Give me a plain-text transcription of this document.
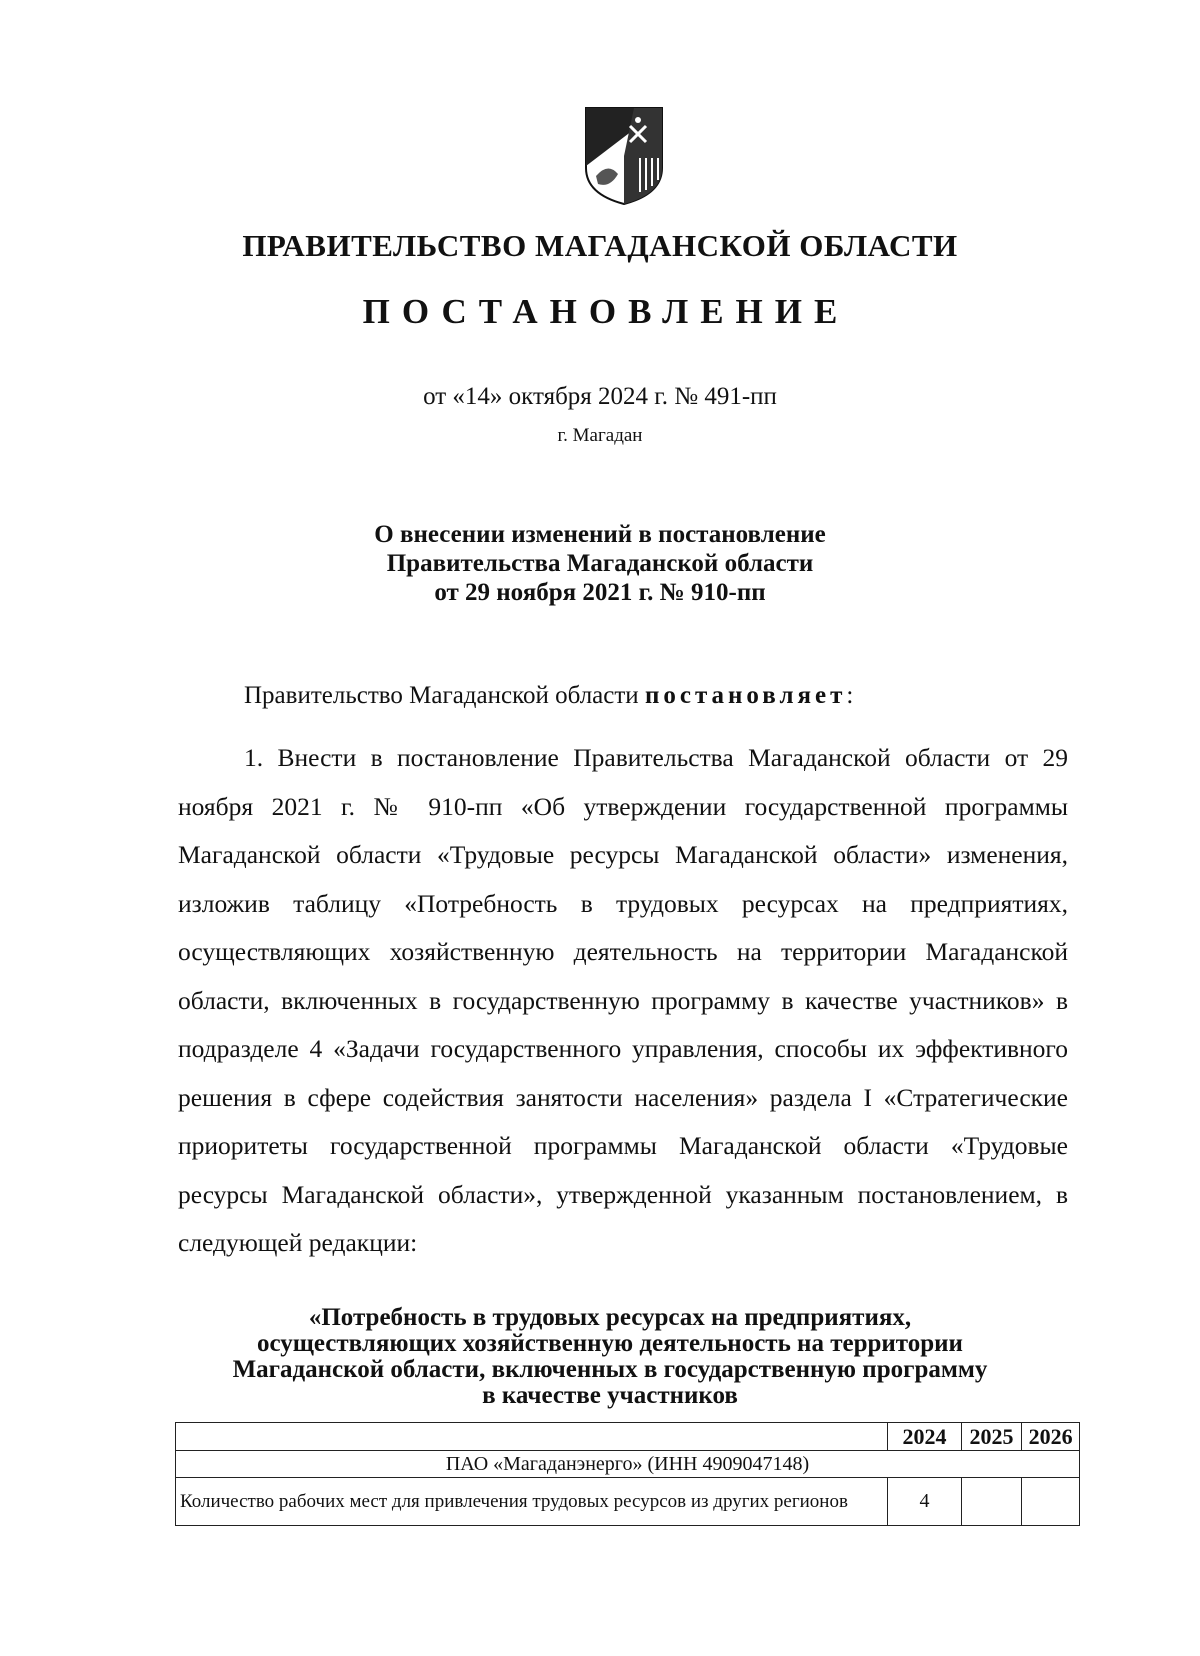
ПРАВИТЕЛЬСТВО МАГАДАНСКОЙ ОБЛАСТИ
ПОСТАНОВЛЕНИЕ
от «14» октября 2024 г. № 491-пп
г. Магадан
О внесении изменений в постановление
Правительства Магаданской области
от 29 ноября 2021 г. № 910-пп
Правительство Магаданской области постановляет:
1. Внести в постановление Правительства Магаданской области от 29 ноября 2021 г. № 910-пп «Об утверждении государственной программы Магаданской области «Трудовые ресурсы Магаданской области» изменения, изложив таблицу «Потребность в трудовых ресурсах на предприятиях, осуществляющих хозяйственную деятельность на территории Магаданской области, включенных в государственную программу в качестве участников» в подразделе 4 «Задачи государственного управления, способы их эффективного решения в сфере содействия занятости населения» раздела I «Стратегические приоритеты государственной программы Магаданской области «Трудовые ресурсы Магаданской области», утвержденной указанным постановлением, в следующей редакции:
«Потребность в трудовых ресурсах на предприятиях,
осуществляющих хозяйственную деятельность на территории
Магаданской области, включенных в государственную программу
в качестве участников
	2024	2025	2026
ПАО «Магаданэнерго» (ИНН 4909047148)			
Количество рабочих мест для привлечения трудовых ресурсов из других регионов	4		
